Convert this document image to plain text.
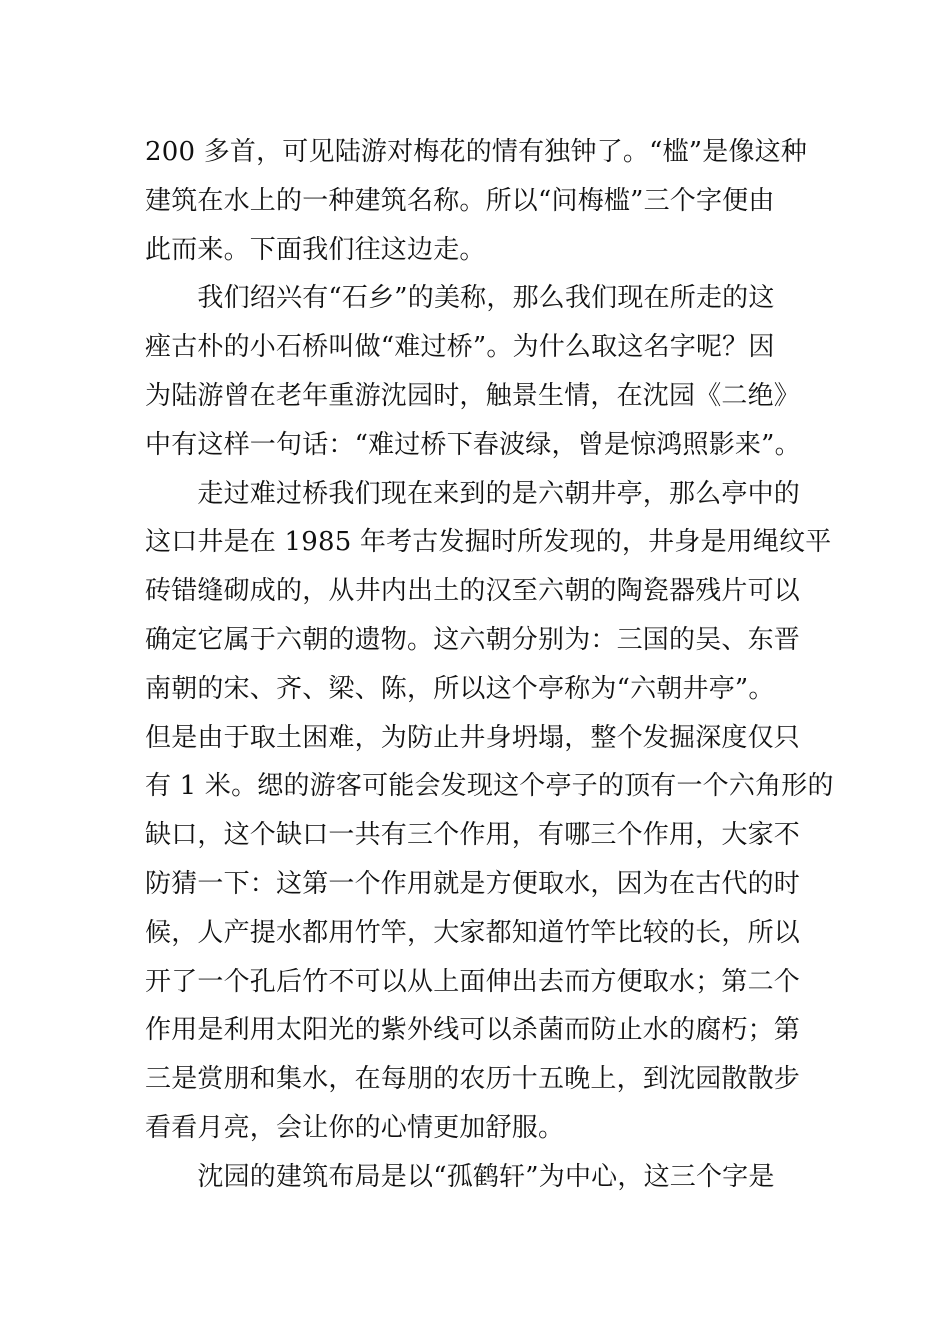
200 多首，可见陆游对梅花的情有独钟了。“槛”是像这种
建筑在水上的一种建筑名称。所以“问梅槛”三个字便由
此而来。下面我们往这边走。
　　我们绍兴有“石乡”的美称，那么我们现在所走的这
痤古朴的小石桥叫做“难过桥”。为什么取这名字呢？因
为陆游曾在老年重游沈园时，触景生情，在沈园《二绝》
中有这样一句话：“难过桥下春波绿，曾是惊鸿照影来”。
　　走过难过桥我们现在来到的是六朝井亭，那么亭中的
这口井是在 1985 年考古发掘时所发现的，井身是用绳纹平
砖错缝砌成的，从井内出土的汉至六朝的陶瓷器残片可以
确定它属于六朝的遗物。这六朝分别为：三国的吴、东晋
南朝的宋、齐、梁、陈，所以这个亭称为“六朝井亭”。
但是由于取土困难，为防止井身坍塌，整个发掘深度仅只
有 1 米。缌的游客可能会发现这个亭子的顶有一个六角形的
缺口，这个缺口一共有三个作用，有哪三个作用，大家不
防猜一下：这第一个作用就是方便取水，因为在古代的时
候，人产提水都用竹竿，大家都知道竹竿比较的长，所以
开了一个孔后竹不可以从上面伸出去而方便取水；第二个
作用是利用太阳光的紫外线可以杀菌而防止水的腐朽；第
三是赏朋和集水，在每朋的农历十五晚上，到沈园散散步
看看月亮，会让你的心情更加舒服。
　　沈园的建筑布局是以“孤鹤轩”为中心，这三个字是
